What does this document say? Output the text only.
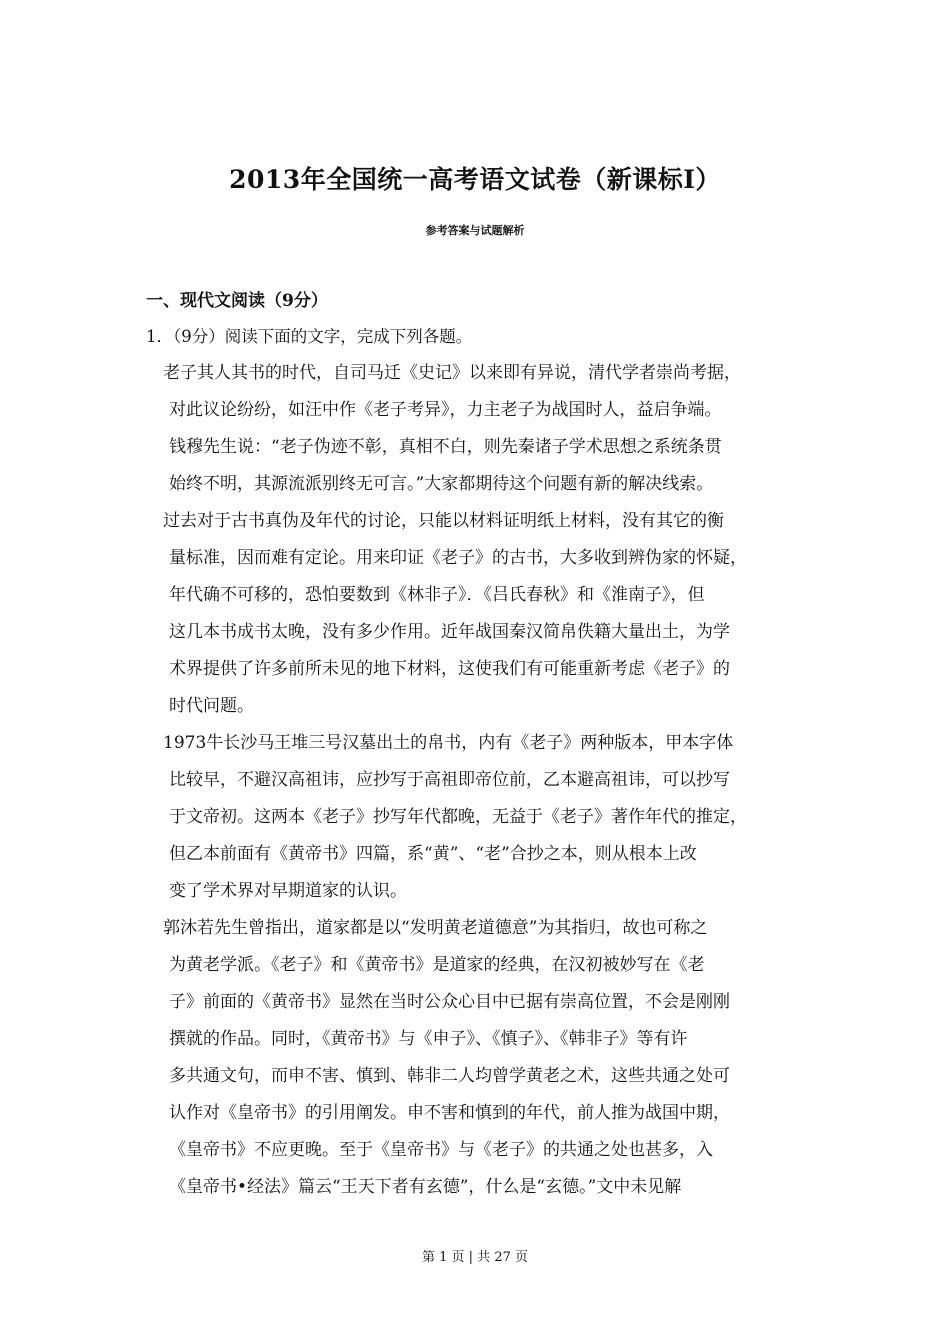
2013年全国统一高考语文试卷（新课标Ⅰ）
参考答案与试题解析
一、现代文阅读（9分）
1．（9分）阅读下面的文字，完成下列各题。
老子其人其书的时代，自司马迁《史记》以来即有异说，清代学者崇尚考据，
对此议论纷纷，如汪中作《老子考异》，力主老子为战国时人，益启争端。
钱穆先生说：“老子伪迹不彰，真相不白，则先秦诸子学术思想之系统条贯
始终不明，其源流派别终无可言。”大家都期待这个问题有新的解决线索。
过去对于古书真伪及年代的讨论，只能以材料证明纸上材料，没有其它的衡
量标准，因而难有定论。用来印证《老子》的古书，大多收到辨伪家的怀疑，
年代确不可移的，恐怕要数到《林非子》．《吕氏春秋》和《淮南子》，但
这几本书成书太晚，没有多少作用。近年战国秦汉简帛佚籍大量出土，为学
术界提供了许多前所未见的地下材料，这使我们有可能重新考虑《老子》的
时代问题。
1973牛长沙马王堆三号汉墓出土的帛书，内有《老子》两种版本，甲本字体
比较早，不避汉高祖讳，应抄写于高祖即帝位前，乙本避高祖讳，可以抄写
于文帝初。这两本《老子》抄写年代都晚，无益于《老子》著作年代的推定，
但乙本前面有《黄帝书》四篇，系“黄”、“老”合抄之本，则从根本上改
变了学术界对早期道家的认识。
郭沐若先生曾指出，道家都是以“发明黄老道德意”为其指归，故也可称之
为黄老学派。《老子》和《黄帝书》是道家的经典，在汉初被妙写在《老
子》前面的《黄帝书》显然在当时公众心目中已据有崇高位置，不会是刚刚
撰就的作品。同时，《黄帝书》与《申子》、《慎子》、《韩非子》等有许
多共通文句，而申不害、慎到、韩非二人均曾学黄老之术，这些共通之处可
认作对《皇帝书》的引用阐发。申不害和慎到的年代，前人推为战国中期，
《皇帝书》不应更晚。至于《皇帝书》与《老子》的共通之处也甚多，入
《皇帝书•经法》篇云“王天下者有玄德”，什么是“玄德。”文中未见解
第 1 页 | 共 27 页
